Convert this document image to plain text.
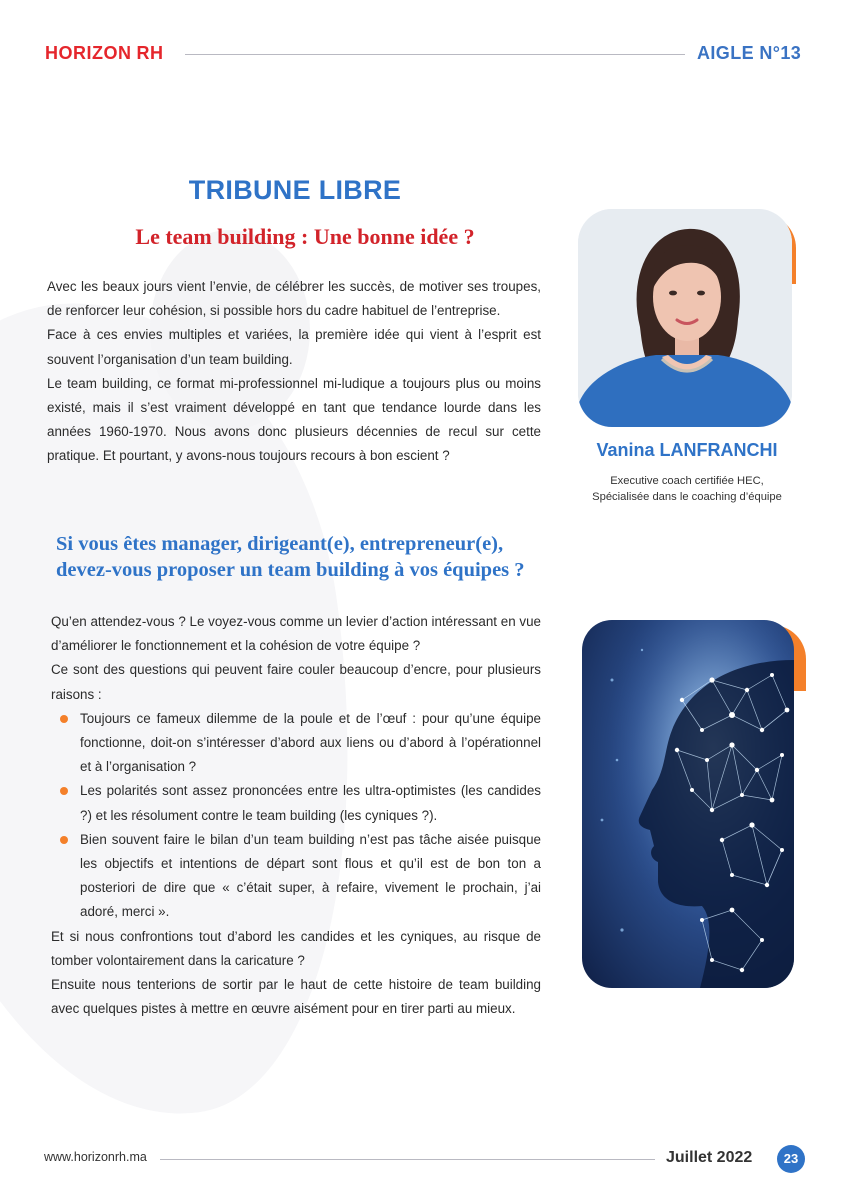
HORIZON RH	AIGLE N°13
TRIBUNE LIBRE
Le team building : Une bonne idée ?

Avec les beaux jours vient l’envie, de célébrer les succès, de motiver ses troupes, de renforcer leur cohésion, si possible hors du cadre habituel de l’entreprise.

Face à ces envies multiples et variées, la première idée qui vient à l’esprit est souvent l’organisation d’un team building.

Le team building, ce format mi-professionnel mi-ludique a toujours plus ou moins existé, mais il s’est vraiment développé en tant que tendance lourde dans les années 1960-1970. Nous avons donc plusieurs décennies de recul sur cette pratique. Et pourtant, y avons-nous toujours recours à bon escient ?	Vanina LANFRANCHI
Executive coach certifiée HEC,
Spécialisée dans le coaching d’équipe
Si vous êtes manager, dirigeant(e), entrepreneur(e),
devez-vous proposer un team building à vos équipes ?

Qu’en attendez-vous ? Le voyez-vous comme un levier d’action intéressant en vue d’améliorer le fonctionnement et la cohésion de votre équipe ?

Ce sont des questions qui peuvent faire couler beaucoup d’encre, pour plusieurs raisons :

Toujours ce fameux dilemme de la poule et de l’œuf : pour qu’une équipe fonctionne, doit-on s’intéresser d’abord aux liens ou d’abord à l’opérationnel et à l’organisation ?
Les polarités sont assez prononcées entre les ultra-optimistes (les candides ?) et les résolument contre le team building (les cyniques ?).
Bien souvent faire le bilan d’un team building n’est pas tâche aisée puisque les objectifs et intentions de départ sont flous et qu’il est de bon ton a posteriori de dire que « c’était super, à refaire, vivement le prochain, j’ai adoré, merci ».

Et si nous confrontions tout d’abord les candides et les cyniques, au risque de tomber volontairement dans la caricature ?

Ensuite nous tenterions de sortir par le haut de cette histoire de team building avec quelques pistes à mettre en œuvre aisément pour en tirer parti au mieux.

www.horizonrh.ma	Juillet 2022	23
